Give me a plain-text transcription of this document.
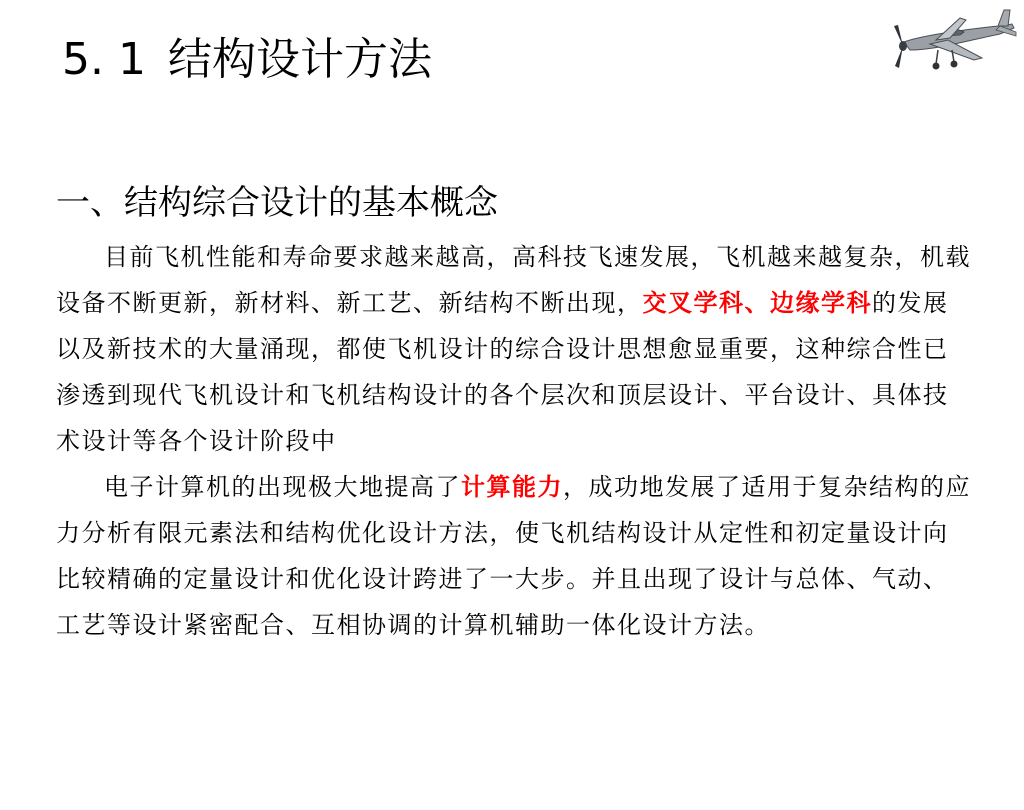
5. 1 结构设计方法
一、结构综合设计的基本概念

目前飞机性能和寿命要求越来越高，高科技飞速发展，飞机越来越复杂，机载设备不断更新，新材料、新工艺、新结构不断出现，交叉学科、边缘学科的发展以及新技术的大量涌现，都使飞机设计的综合设计思想愈显重要，这种综合性已渗透到现代飞机设计和飞机结构设计的各个层次和顶层设计、平台设计、具体技术设计等各个设计阶段中

电子计算机的出现极大地提高了计算能力，成功地发展了适用于复杂结构的应力分析有限元素法和结构优化设计方法，使飞机结构设计从定性和初定量设计向比较精确的定量设计和优化设计跨进了一大步。并且出现了设计与总体、气动、工艺等设计紧密配合、互相协调的计算机辅助一体化设计方法。
